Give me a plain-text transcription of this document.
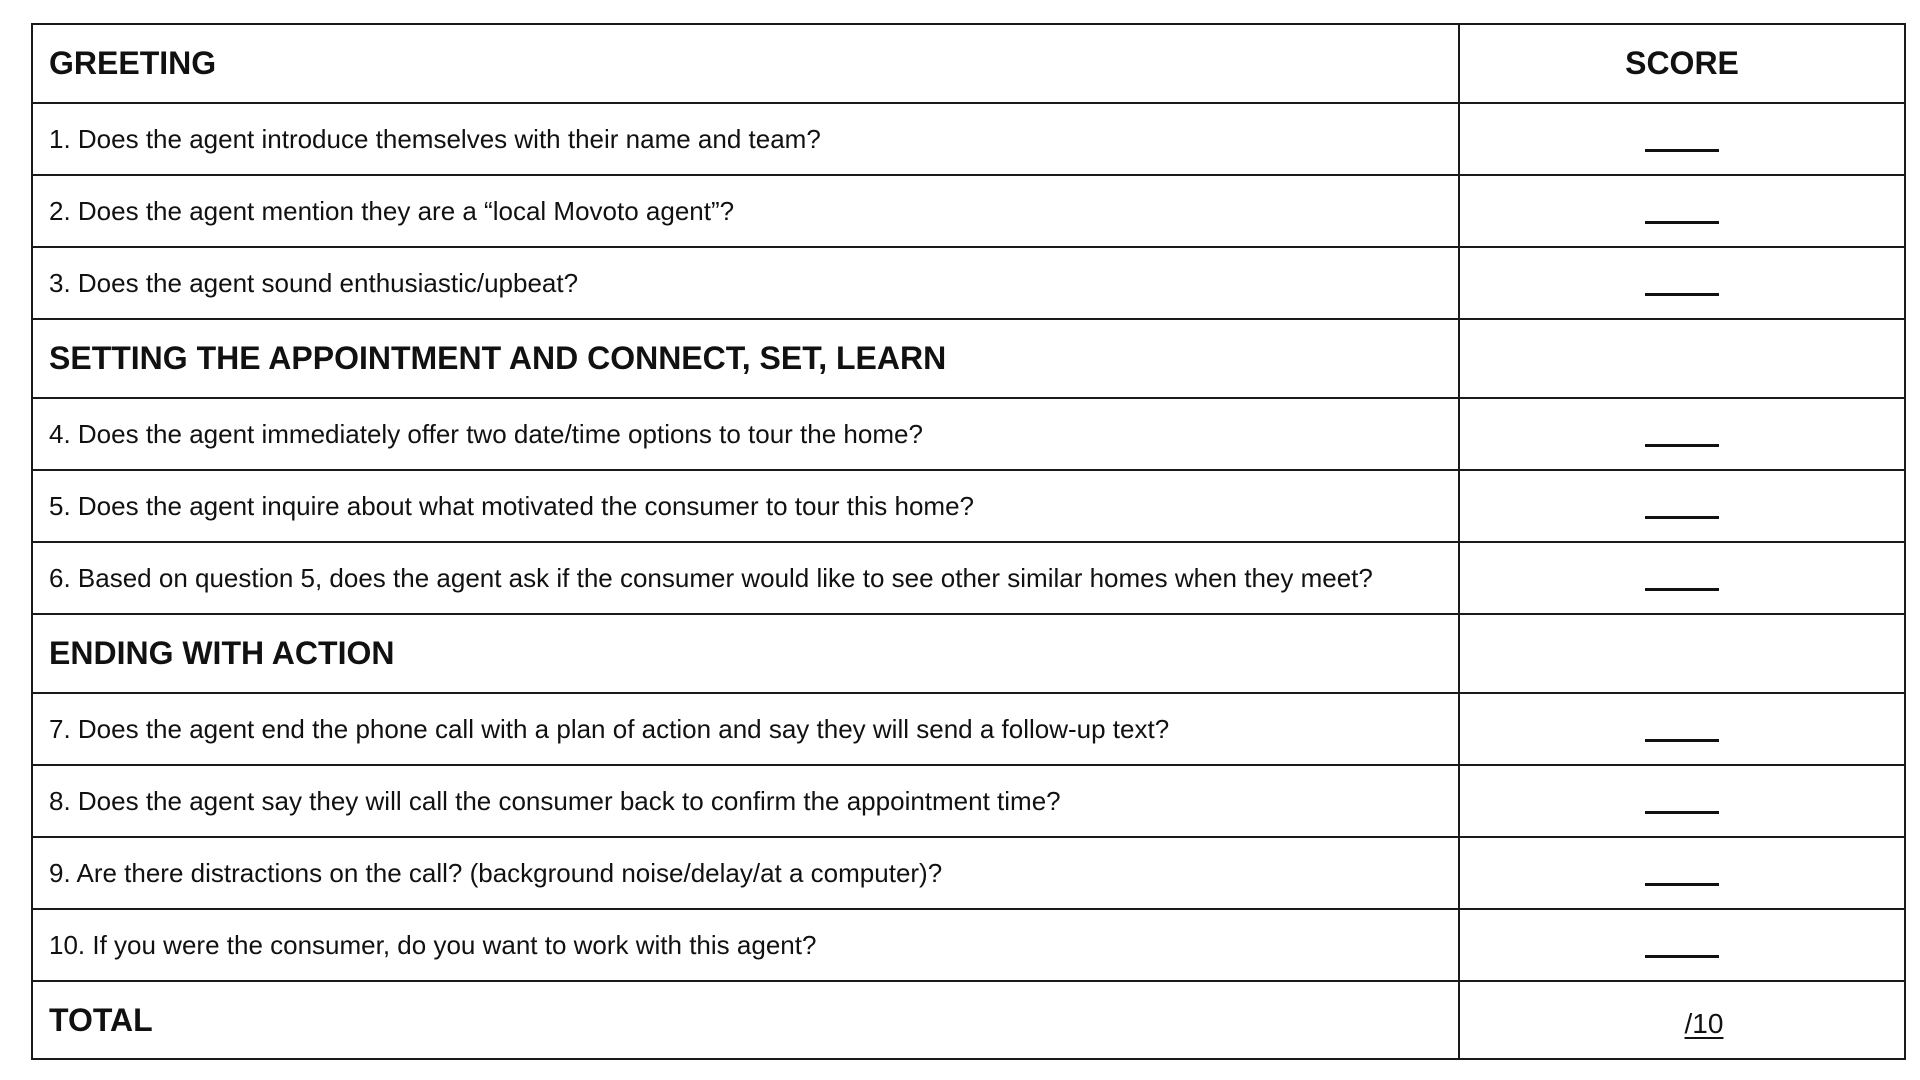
GREETING	SCORE
1. Does the agent introduce themselves with their name and team?	
2. Does the agent mention they are a “local Movoto agent”?	
3. Does the agent sound enthusiastic/upbeat?	
SETTING THE APPOINTMENT AND CONNECT, SET, LEARN	
4. Does the agent immediately offer two date/time options to tour the home?	
5. Does the agent inquire about what motivated the consumer to tour this home?	
6. Based on question 5, does the agent ask if the consumer would like to see other similar homes when they meet?	
ENDING WITH ACTION	
7. Does the agent end the phone call with a plan of action and say they will send a follow-up text?	
8. Does the agent say they will call the consumer back to confirm the appointment time?	
9. Are there distractions on the call? (background noise/delay/at a computer)?	
10. If you were the consumer, do you want to work with this agent?	
TOTAL	/10
